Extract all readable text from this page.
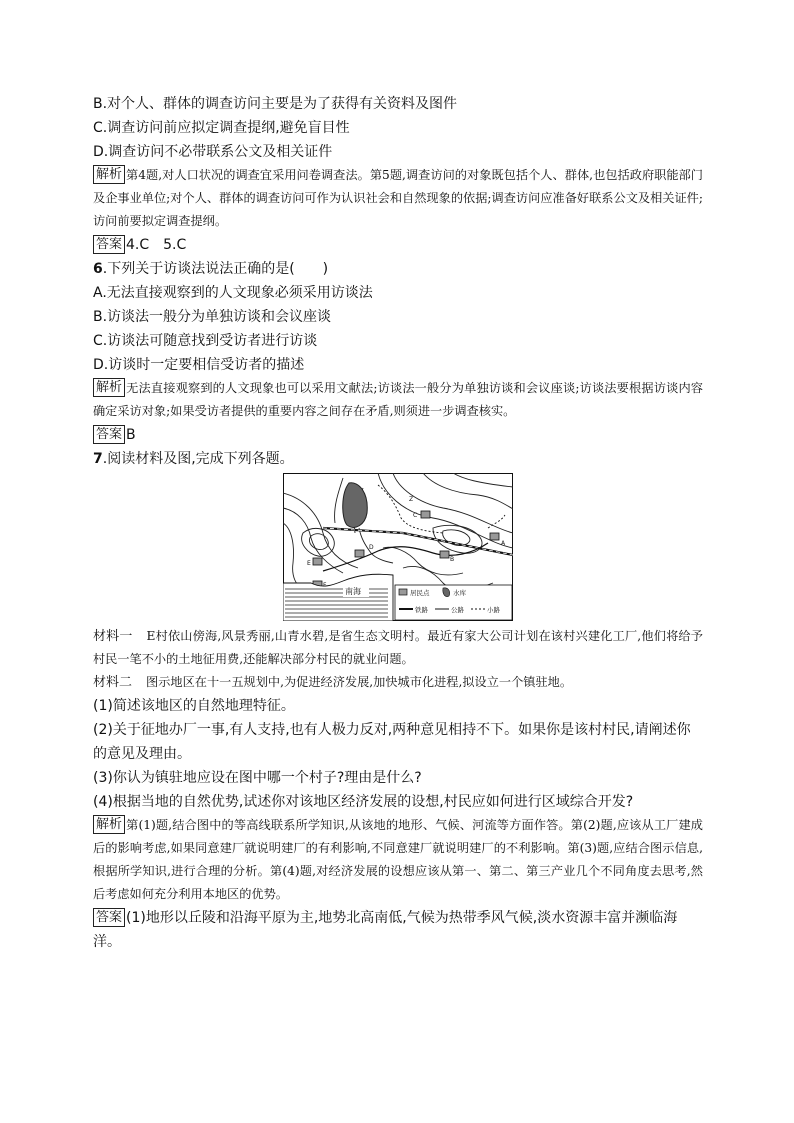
B.对个人、群体的调查访问主要是为了获得有关资料及图件
C.调查访问前应拟定调查提纲,避免盲目性
D.调查访问不必带联系公文及相关证件
解析 第4题,对人口状况的调查宜采用问卷调查法。第5题,调查访问的对象既包括个人、群体,也包括政府职能部门及企事业单位;对个人、群体的调查访问可作为认识社会和自然现象的依据;调查访问应准备好联系公文及相关证件;访问前要拟定调查提纲。
答案 4.C　5.C
6.下列关于访谈法说法正确的是(　　)
A.无法直接观察到的人文现象必须采用访谈法
B.访谈法一般分为单独访谈和会议座谈
C.访谈法可随意找到受访者进行访谈
D.访谈时一定要相信受访者的描述
解析 无法直接观察到的人文现象也可以采用文献法;访谈法一般分为单独访谈和会议座谈;访谈法要根据访谈内容确定采访对象;如果受访者提供的重要内容之间存在矛盾,则须进一步调查核实。
答案 B
7.阅读材料及图,完成下列各题。
A
B
C
D
E
F
Z
南海	居民点	水库
铁路	公路	小路
材料一 E村依山傍海,风景秀丽,山青水碧,是省生态文明村。最近有家大公司计划在该村兴建化工厂,他们将给予村民一笔不小的土地征用费,还能解决部分村民的就业问题。
材料二 图示地区在十一五规划中,为促进经济发展,加快城市化进程,拟设立一个镇驻地。
(1)简述该地区的自然地理特征。
(2)关于征地办厂一事,有人支持,也有人极力反对,两种意见相持不下。如果你是该村村民,请阐述你的意见及理由。
(3)你认为镇驻地应设在图中哪一个村子?理由是什么?
(4)根据当地的自然优势,试述你对该地区经济发展的设想,村民应如何进行区域综合开发?
解析 第(1)题,结合图中的等高线联系所学知识,从该地的地形、气候、河流等方面作答。第(2)题,应该从工厂建成后的影响考虑,如果同意建厂就说明建厂的有利影响,不同意建厂就说明建厂的不利影响。第(3)题,应结合图示信息,根据所学知识,进行合理的分析。第(4)题,对经济发展的设想应该从第一、第二、第三产业几个不同角度去思考,然后考虑如何充分利用本地区的优势。
答案 (1)地形以丘陵和沿海平原为主,地势北高南低,气候为热带季风气候,淡水资源丰富并濒临海洋。
